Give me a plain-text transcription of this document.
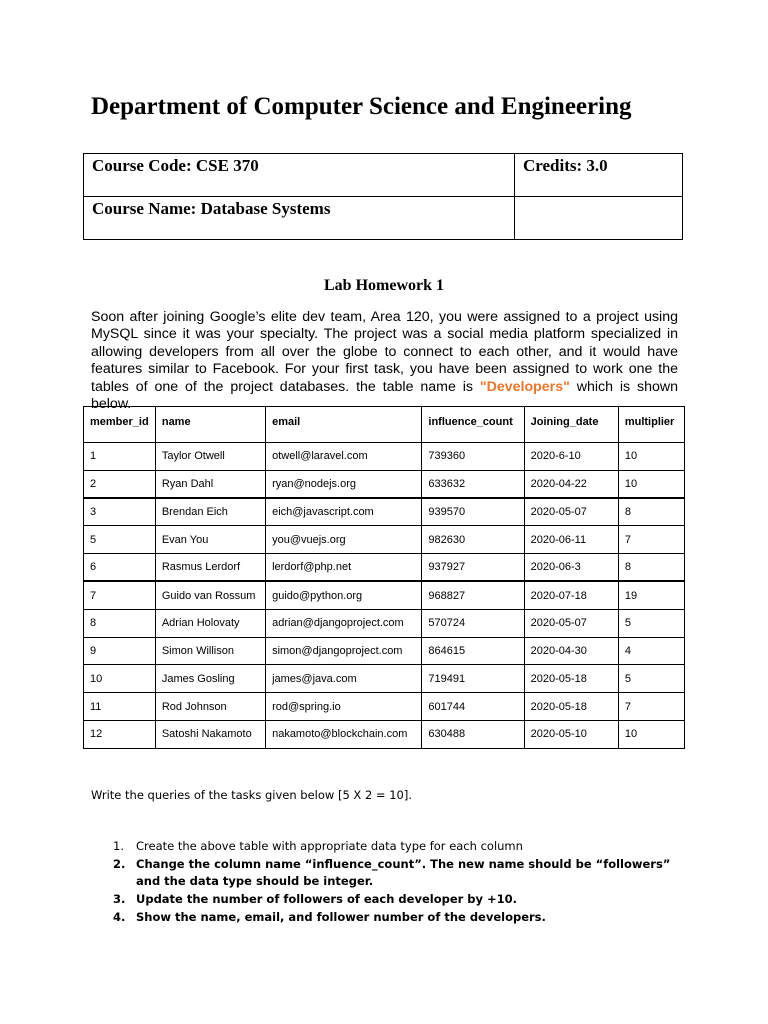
Department of Computer Science and Engineering
Course Code: CSE 370	Credits: 3.0
Course Name: Database Systems	
Lab Homework 1

Soon after joining Google’s elite dev team, Area 120, you were assigned to a project using MySQL since it was your specialty. The project was a social media platform specialized in allowing developers from all over the globe to connect to each other, and it would have features similar to Facebook. For your first task, you have been assigned to work one the tables of one of the project databases. the table name is "Developers" which is shown below.

member_id	name	email	influence_count	Joining_date	multiplier
1	Taylor Otwell	otwell@laravel.com	739360	2020-6-10	10
2	Ryan Dahl	ryan@nodejs.org	633632	2020-04-22	10
3	Brendan Eich	eich@javascript.com	939570	2020-05-07	8
5	Evan You	you@vuejs.org	982630	2020-06-11	7
6	Rasmus Lerdorf	lerdorf@php.net	937927	2020-06-3	8
7	Guido van Rossum	guido@python.org	968827	2020-07-18	19
8	Adrian Holovaty	adrian@djangoproject.com	570724	2020-05-07	5
9	Simon Willison	simon@djangoproject.com	864615	2020-04-30	4
10	James Gosling	james@java.com	719491	2020-05-18	5
11	Rod Johnson	rod@spring.io	601744	2020-05-18	7
12	Satoshi Nakamoto	nakamoto@blockchain.com	630488	2020-05-10	10

Write the queries of the tasks given below [5 X 2 = 10].

1. Create the above table with appropriate data type for each column
2. Change the column name “influence_count”. The new name should be “followers” and the data type should be integer.
3. Update the number of followers of each developer by +10.
4. Show the name, email, and follower number of the developers.
